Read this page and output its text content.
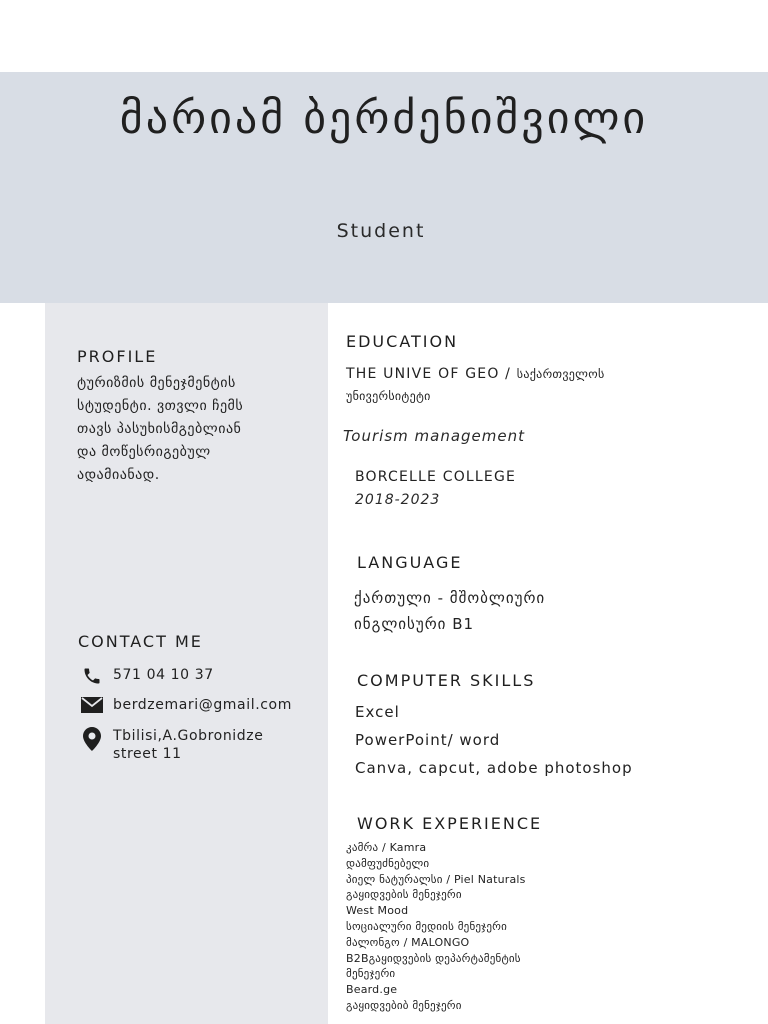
მარიამ ბერძენიშვილი
Student
PROFILE
ტურიზმის მენეჯმენტის
სტუდენტი. ვთვლი ჩემს
თავს პასუხისმგებლიან
და მოწესრიგებულ
ადამიანად.
CONTACT ME
571 04 10 37
berdzemari@gmail.com
Tbilisi,A.Gobronidze street 11
EDUCATION
THE UNIVE OF GEO / საქართველოს
უნივერსიტეტი
Tourism management
BORCELLE COLLEGE
2018-2023
LANGUAGE
ქართული - მშობლიური
ინგლისური B1
COMPUTER SKILLS
Excel
PowerPoint/ word
Canva, capcut, adobe photoshop
WORK EXPERIENCE
კამრა / Kamra
დამფუძნებელი
პიელ ნატურალსი / Piel Naturals
გაყიდვების მენეჯერი
West Mood
სოციალური მედიის მენეჯერი
მალონგო / MALONGO
B2Bგაყიდვების დეპარტამენტის
მენეჯერი
Beard.ge
გაყიდვებიბ მენეჯერი
